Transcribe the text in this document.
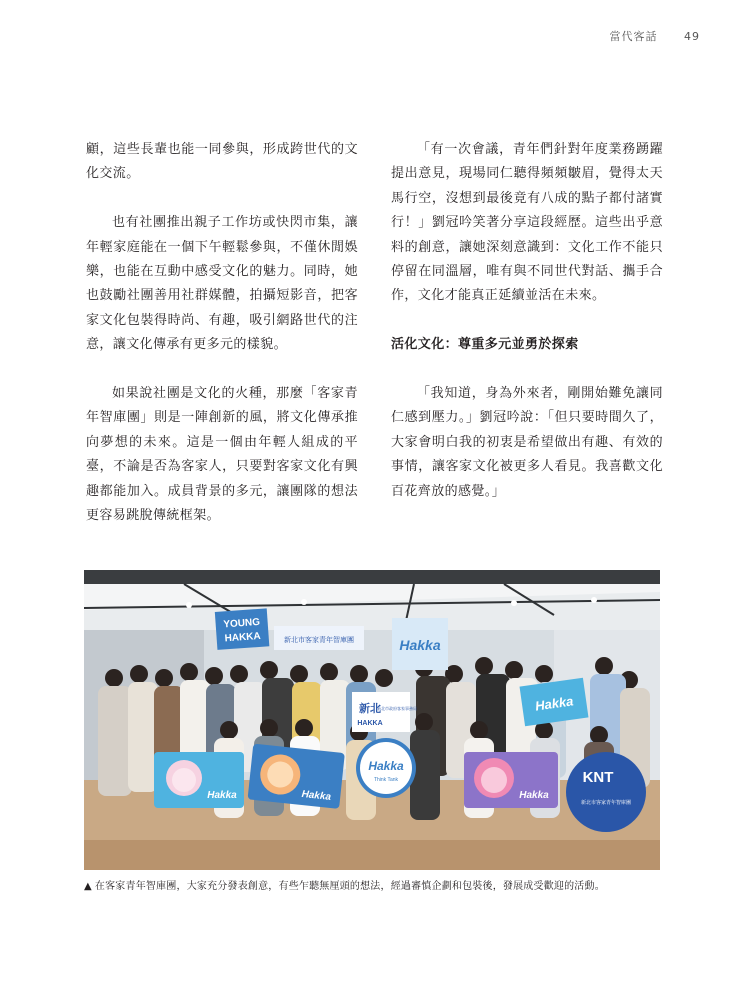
當代客話 49

顧，這些長輩也能一同參與，形成跨世代的文化交流。

也有社團推出親子工作坊或快閃市集，讓年輕家庭能在一個下午輕鬆參與，不僅休閒娛樂，也能在互動中感受文化的魅力。同時，她也鼓勵社團善用社群媒體，拍攝短影音，把客家文化包裝得時尚、有趣，吸引網路世代的注意，讓文化傳承有更多元的樣貌。

如果說社團是文化的火種，那麼「客家青年智庫團」則是一陣創新的風，將文化傳承推向夢想的未來。這是一個由年輕人組成的平臺，不論是否為客家人，只要對客家文化有興趣都能加入。成員背景的多元，讓團隊的想法更容易跳脫傳統框架。

「有一次會議，青年們針對年度業務踴躍提出意見，現場同仁聽得頻頻皺眉，覺得太天馬行空，沒想到最後竟有八成的點子都付諸實行！」劉冠吟笑著分享這段經歷。這些出乎意料的創意，讓她深刻意識到：文化工作不能只停留在同溫層，唯有與不同世代對話、攜手合作，文化才能真正延續並活在未來。

活化文化：尊重多元並勇於探索

「我知道，身為外來者，剛開始難免讓同仁感到壓力。」劉冠吟說：「但只要時間久了，大家會明白我的初衷是希望做出有趣、有效的事情，讓客家文化被更多人看見。我喜歡文化百花齊放的感覺。」

YOUNG
HAKKA	新北市客家青年智庫團	Hakka
新北
HAKKA
新北市政府客家事務局	Hakka
Hakka	Hakka
Hakka
Think Tank
Hakka
KNT
新北市客家青年智庫團
▲ 在客家青年智庫團，大家充分發表創意，有些乍聽無厘頭的想法，經過審慎企劃和包裝後，發展成受歡迎的活動。
